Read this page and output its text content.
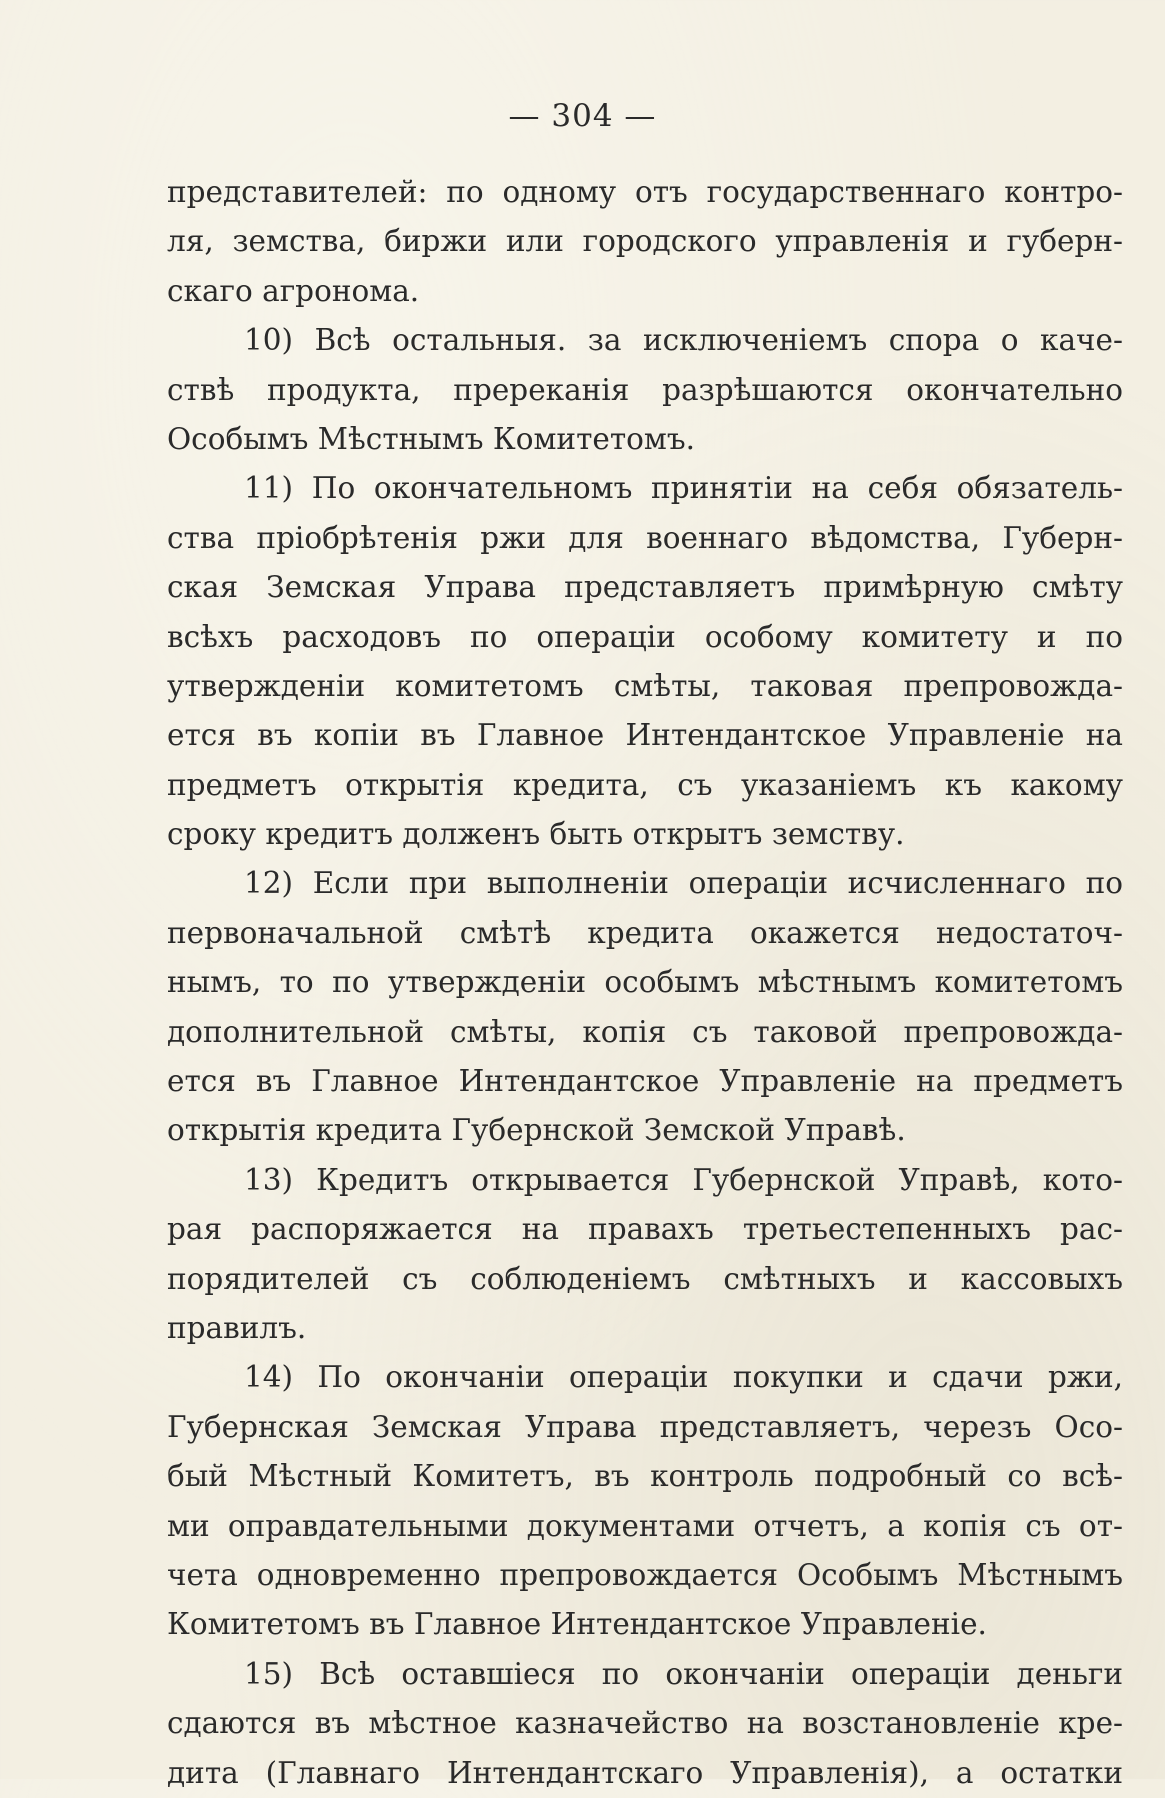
— 304 —
представителей: по одному отъ государственнаго контро-
ля, земства, биржи или городского управленія и губерн-
скаго агронома.
10) Всѣ остальныя. за исключеніемъ спора о каче-
ствѣ продукта, пререканія разрѣшаются окончательно
Особымъ Мѣстнымъ Комитетомъ.
11) По окончательномъ принятіи на себя обязатель-
ства пріобрѣтенія ржи для военнаго вѣдомства, Губерн-
ская Земская Управа представляетъ примѣрную смѣту
всѣхъ расходовъ по операціи особому комитету и по
утвержденіи комитетомъ смѣты, таковая препровожда-
ется въ копіи въ Главное Интендантское Управленіе на
предметъ открытія кредита, съ указаніемъ къ какому
сроку кредитъ долженъ быть открытъ земству.
12) Если при выполненіи операціи исчисленнаго по
первоначальной смѣтѣ кредита окажется недостаточ-
нымъ, то по утвержденіи особымъ мѣстнымъ комитетомъ
дополнительной смѣты, копія съ таковой препровожда-
ется въ Главное Интендантское Управленіе на предметъ
открытія кредита Губернской Земской Управѣ.
13) Кредитъ открывается Губернской Управѣ, кото-
рая распоряжается на правахъ третьестепенныхъ рас-
порядителей съ соблюденіемъ смѣтныхъ и кассовыхъ
правилъ.
14) По окончаніи операціи покупки и сдачи ржи,
Губернская Земская Управа представляетъ, черезъ Осо-
бый Мѣстный Комитетъ, въ контроль подробный со всѣ-
ми оправдательными документами отчетъ, а копія съ от-
чета одновременно препровождается Особымъ Мѣстнымъ
Комитетомъ въ Главное Интендантское Управленіе.
15) Всѣ оставшіеся по окончаніи операціи деньги
сдаются въ мѣстное казначейство на возстановленіе кре-
дита (Главнаго Интендантскаго Управленія), а остатки
